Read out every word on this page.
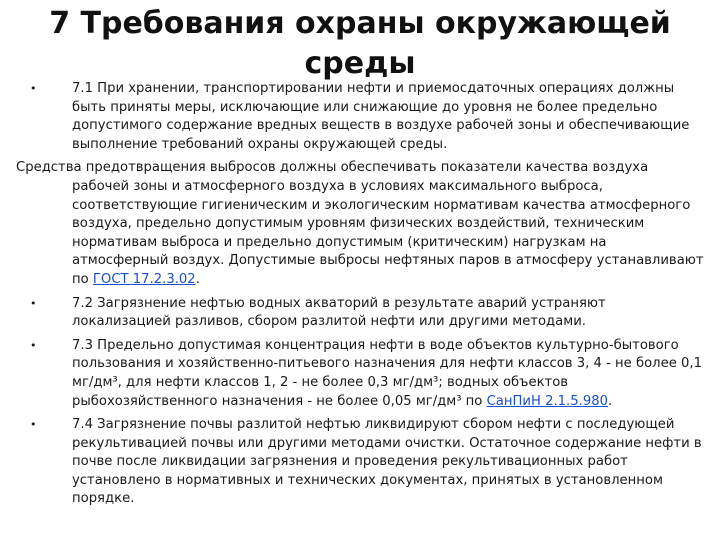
7 Требования охраны окружающей среды

•	7.1 При хранении, транспортировании нефти и приемосдаточных операциях должны быть приняты меры, исключающие или снижающие до уровня не более предельно допустимого содержание вредных веществ в воздухе рабочей зоны и обеспечивающие выполнение требований охраны окружающей среды.

Средства предотвращения выбросов должны обеспечивать показатели качества воздуха рабочей зоны и атмосферного воздуха в условиях максимального выброса, соответствующие гигиеническим и экологическим нормативам качества атмосферного воздуха, предельно допустимым уровням физических воздействий, техническим нормативам выброса и предельно допустимым (критическим) нагрузкам на атмосферный воздух. Допустимые выбросы нефтяных паров в атмосферу устанавливают по ГОСТ 17.2.3.02.

•	7.2 Загрязнение нефтью водных акваторий в результате аварий устраняют локализацией разливов, сбором разлитой нефти или другими методами.

•	7.3 Предельно допустимая концентрация нефти в воде объектов культурно-бытового пользования и хозяйственно-питьевого назначения для нефти классов 3, 4 - не более 0,1 мг/дм³, для нефти классов 1, 2 - не более 0,3 мг/дм³; водных объектов рыбохозяйственного назначения - не более 0,05 мг/дм³ по СанПиН 2.1.5.980.

•	7.4 Загрязнение почвы разлитой нефтью ликвидируют сбором нефти с последующей рекультивацией почвы или другими методами очистки. Остаточное содержание нефти в почве после ликвидации загрязнения и проведения рекультивационных работ установлено в нормативных и технических документах, принятых в установленном порядке.
